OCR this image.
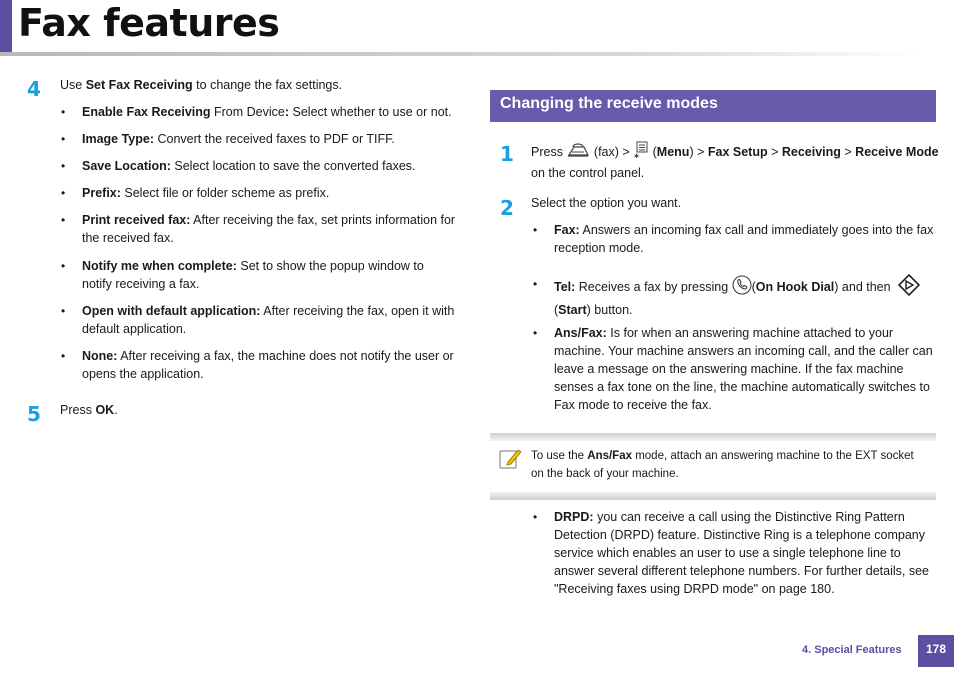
Fax features
4 Use Set Fax Receiving to change the fax settings.
• Enable Fax Receiving From Device: Select whether to use or not.
• Image Type: Convert the received faxes to PDF or TIFF.
• Save Location: Select location to save the converted faxes.
• Prefix: Select file or folder scheme as prefix.
• Print received fax: After receiving the fax, set prints information for
the received fax.
• Notify me when complete: Set to show the popup window to
notify receiving a fax.
• Open with default application: After receiving the fax, open it with
default application.
• None: After receiving a fax, the machine does not notify the user or
opens the application.
5 Press OK.
Changing the receive modes
1 Press  (fax) > ✱ (Menu) > Fax Setup > Receiving > Receive Mode
on the control panel.
2 Select the option you want.
• Fax: Answers an incoming fax call and immediately goes into the fax
reception mode.
• Tel: Receives a fax by pressing (On Hook Dial) and then
(Start) button.
• Ans/Fax: Is for when an answering machine attached to your
machine. Your machine answers an incoming call, and the caller can
leave a message on the answering machine. If the fax machine
senses a fax tone on the line, the machine automatically switches to
Fax mode to receive the fax.
To use the Ans/Fax mode, attach an answering machine to the EXT socket
on the back of your machine.
• DRPD: you can receive a call using the Distinctive Ring Pattern
Detection (DRPD) feature. Distinctive Ring is a telephone company
service which enables an user to use a single telephone line to
answer several different telephone numbers. For further details, see
"Receiving faxes using DRPD mode" on page 180.
4. Special Features	178
